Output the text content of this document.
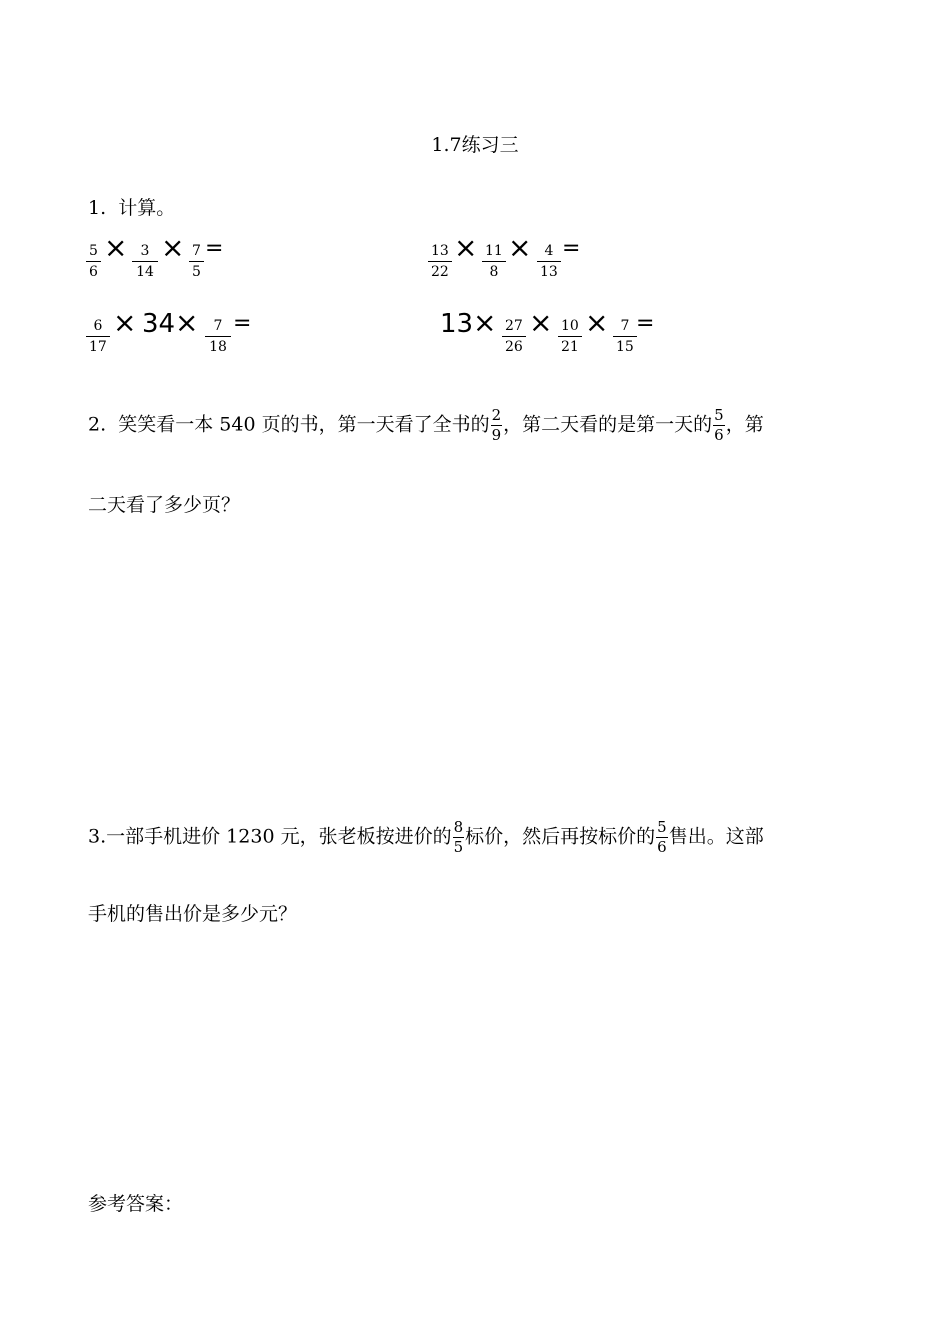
1.7练习三
1. 计算。
5
6
× 3
14
× 7
5
=	13
22
× 11
8
× 4
13
=
6
17
× 34 ×	7
18
=	13 × 27
26
× 10
21
× 7
15
=
2. 笑笑看一本 540 页的书，第一天看了全书的 $\frac{2}{9}$ ，第二天看的是第一天的 $\frac{5}{6}$ ，第
二天看了多少页？
3.一部手机进价 1230 元，张老板按进价的 $\frac{8}{5}$ 标价，然后再按标价的 $\frac{5}{6}$ 售出。这部
手机的售出价是多少元？
参考答案：
